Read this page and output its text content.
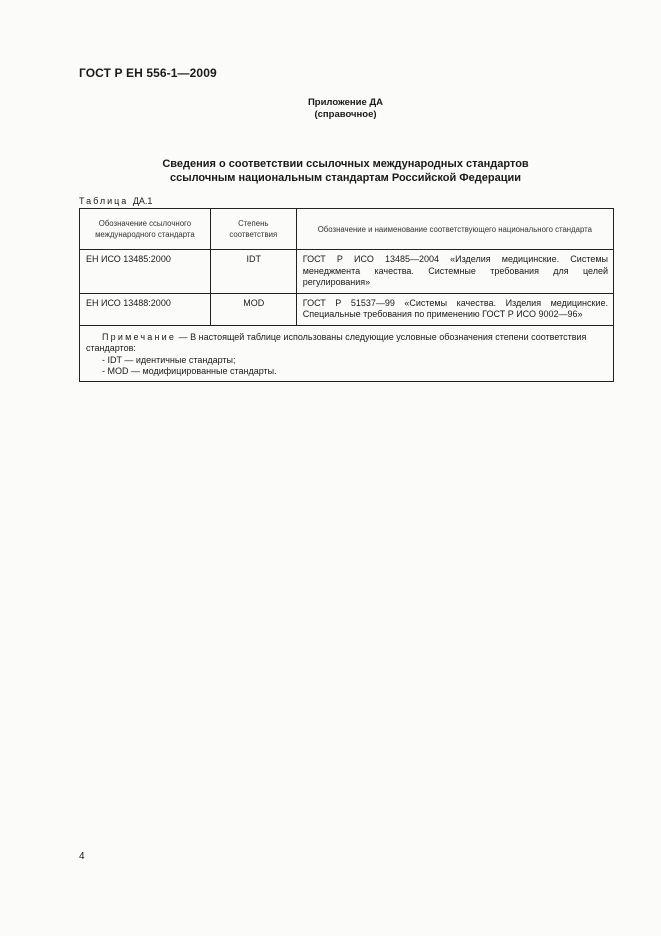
ГОСТ Р ЕН 556-1—2009
Приложение ДА
(справочное)
Сведения о соответствии ссылочных международных стандартов
ссылочным национальным стандартам Российской Федерации
Таблица ДА.1
Обозначение ссылочного международного стандарта	Степень соответствия	Обозначение и наименование соответствующего национального стандарта
ЕН ИСО 13485:2000	IDT	ГОСТ Р ИСО 13485—2004 «Изделия медицинские. Системы менеджмента качества. Системные требования для целей регулирования»
ЕН ИСО 13488:2000	MOD	ГОСТ Р 51537—99 «Системы качества. Изделия медицинские. Специальные требования по применению ГОСТ Р ИСО 9002—96»

Примечание — В настоящей таблице использованы следующие условные обозначения степени соответствия стандартов:
- IDT — идентичные стандарты;
- MOD — модифицированные стандарты.		
4
